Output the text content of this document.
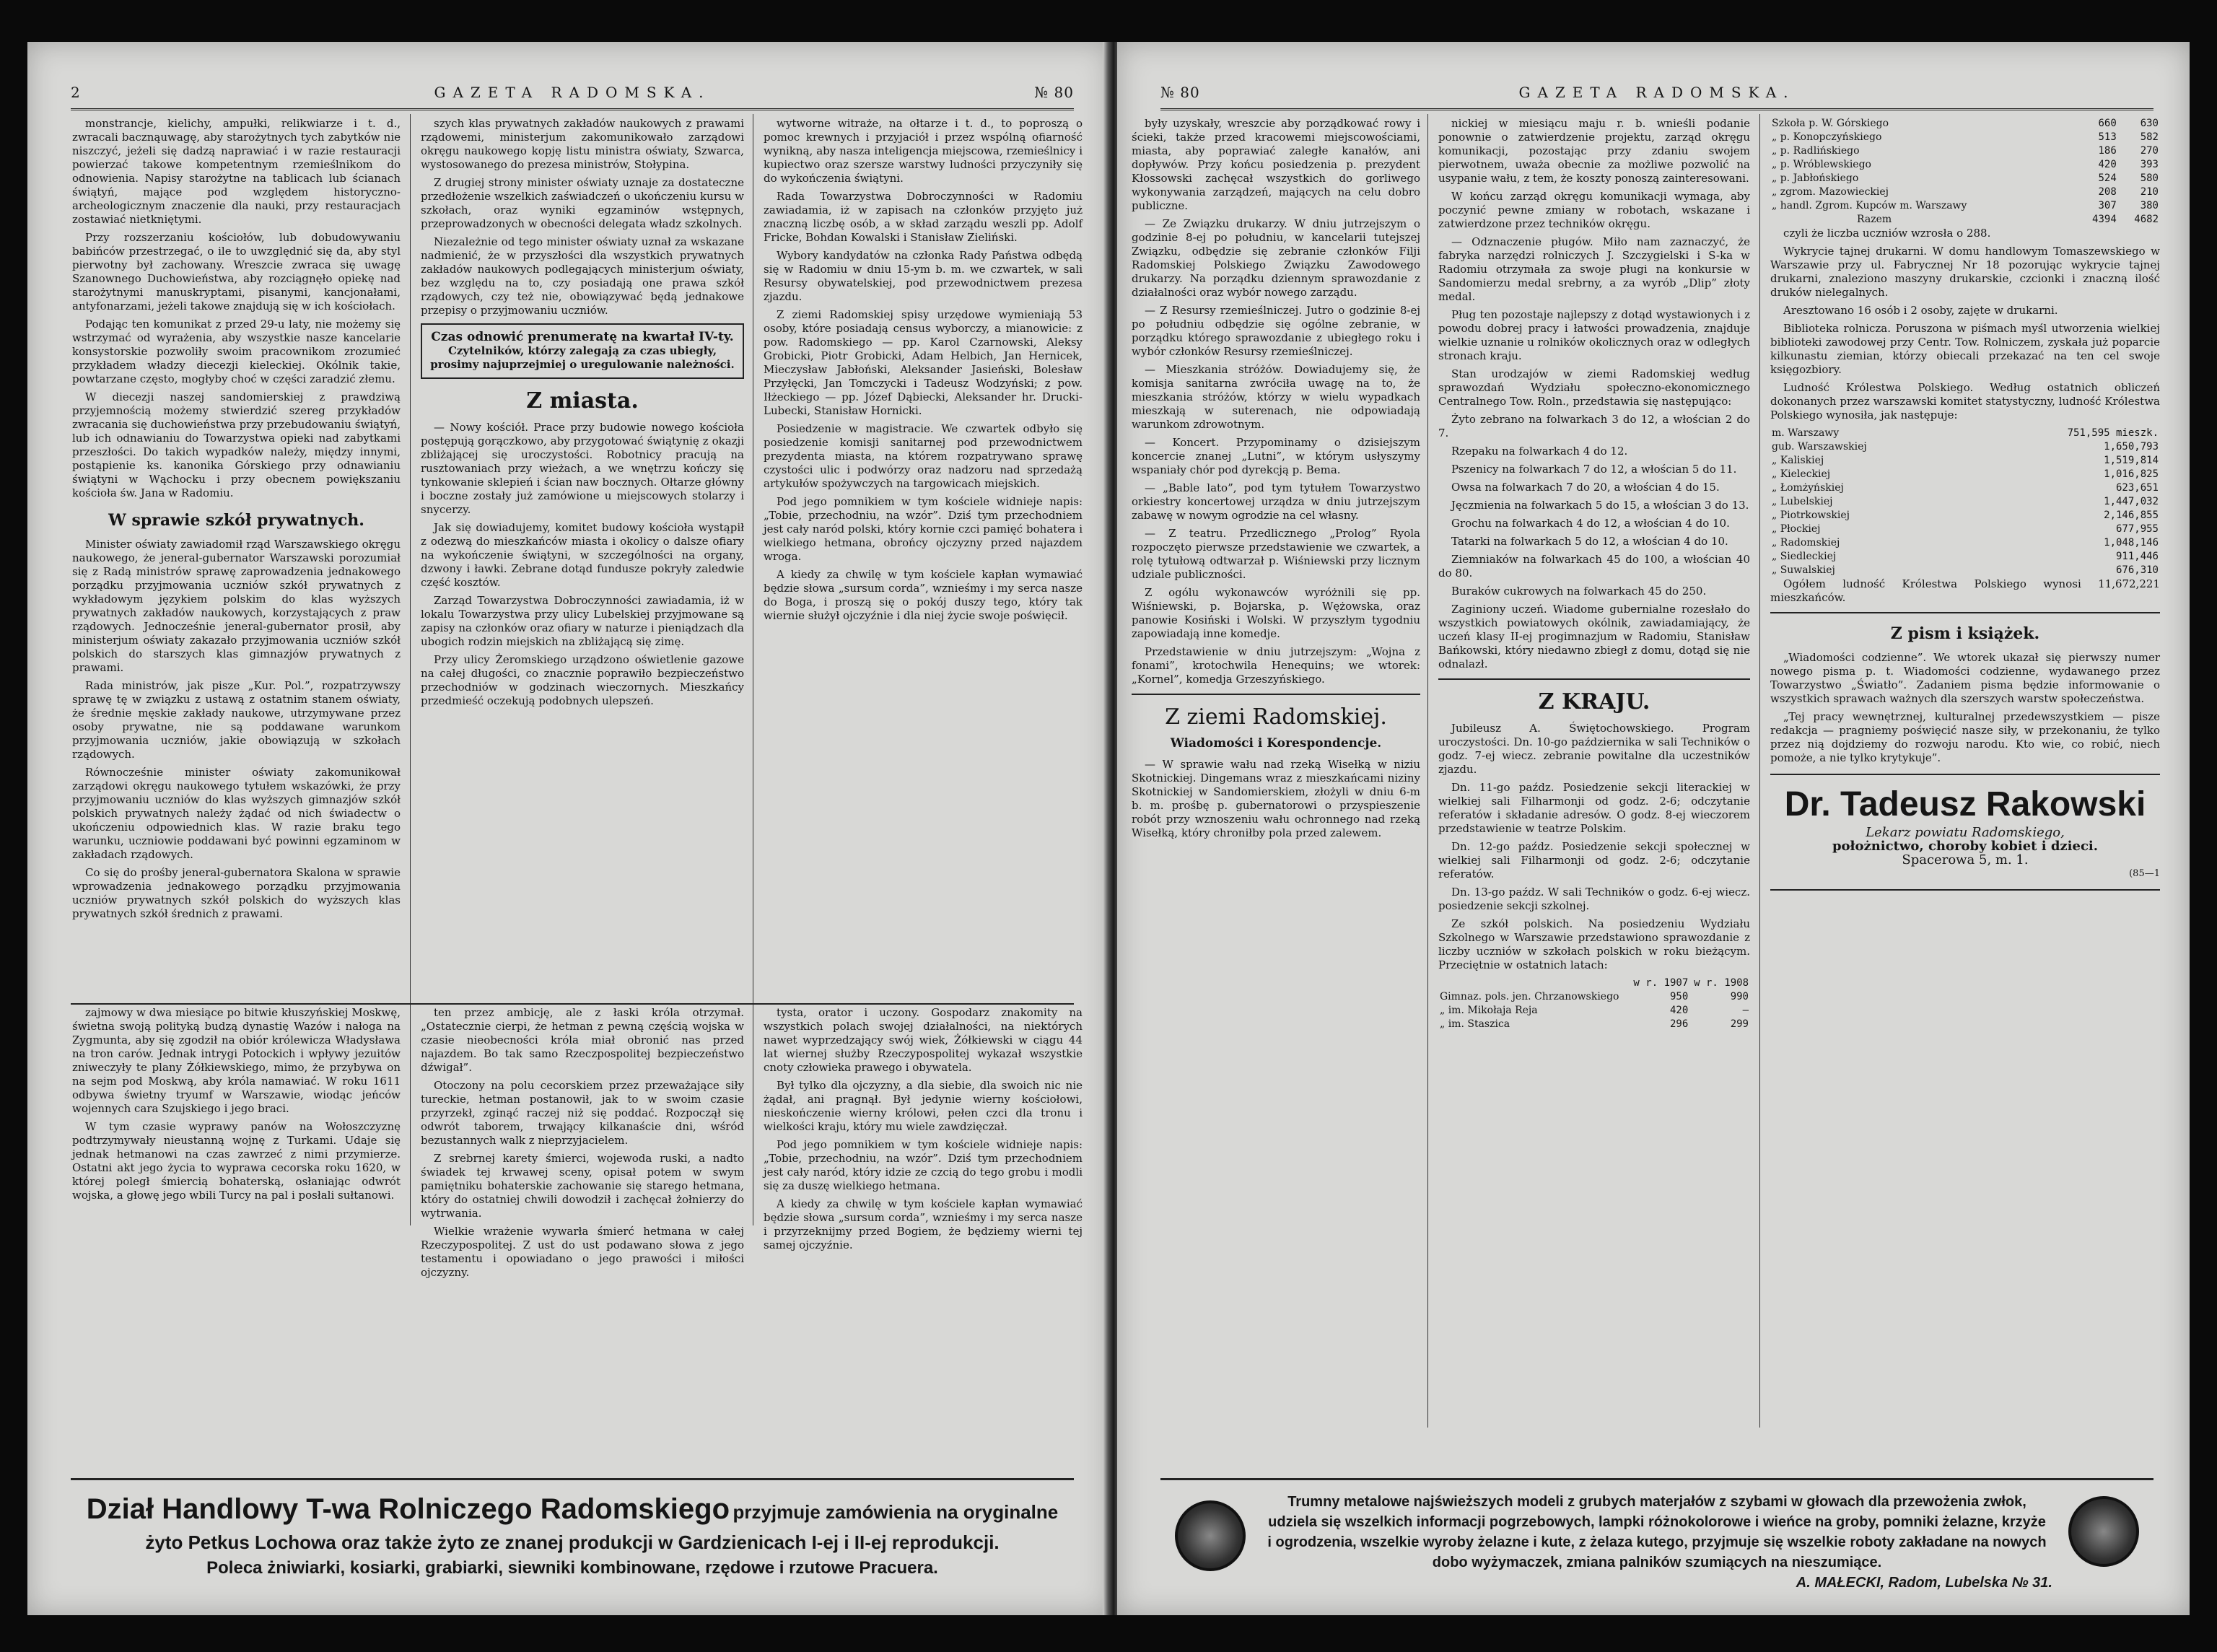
2	GAZETA RADOMSKA.	№ 80

monstrancje, kielichy, ampułki, relikwiarze i t. d., zwracali bacznąuwagę, aby starożytnych tych zabytków nie niszczyć, jeżeli się dadzą naprawiać i w razie restauracji powierzać takowe kompetentnym rzemieślnikom do odnowienia. Napisy starożytne na tablicach lub ścianach świątyń, mające pod względem historyczno-archeologicznym znaczenie dla nauki, przy restauracjach zostawiać nietkniętymi.

Przy rozszerzaniu kościołów, lub dobudowywaniu babińców przestrzegać, o ile to uwzględnić się da, aby styl pierwotny był zachowany. Wreszcie zwraca się uwagę Szanownego Duchowieństwa, aby rozciągnęło opiekę nad starożytnymi manuskryptami, pisanymi, kancjonałami, antyfonarzami, jeżeli takowe znajdują się w ich kościołach.

Podając ten komunikat z przed 29-u laty, nie możemy się wstrzymać od wyrażenia, aby wszystkie nasze kancelarie konsystorskie pozwoliły swoim pracownikom zrozumieć przykładem władzy diecezji kieleckiej. Okólnik takie, powtarzane często, mogłyby choć w części zaradzić złemu.

W diecezji naszej sandomierskiej z prawdziwą przyjemnością możemy stwierdzić szereg przykładów zwracania się duchowieństwa przy przebudowaniu świątyń, lub ich odnawianiu do Towarzystwa opieki nad zabytkami przeszłości. Do takich wypadków należy, między innymi, postąpienie ks. kanonika Górskiego przy odnawianiu świątyni w Wąchocku i przy obecnem powiększaniu kościoła św. Jana w Radomiu.

W sprawie szkół prywatnych.

Minister oświaty zawiadomił rząd Warszawskiego okręgu naukowego, że jeneral-gubernator Warszawski porozumiał się z Radą ministrów sprawę zaprowadzenia jednakowego porządku przyjmowania uczniów szkół prywatnych z wykładowym językiem polskim do klas wyższych prywatnych zakładów naukowych, korzystających z praw rządowych. Jednocześnie jeneral-gubernator prosił, aby ministerjum oświaty zakazało przyjmowania uczniów szkół polskich do starszych klas gimnazjów prywatnych z prawami.

Rada ministrów, jak pisze „Kur. Pol.”, rozpatrzywszy sprawę tę w związku z ustawą z ostatnim stanem oświaty, że średnie męskie zakłady naukowe, utrzymywane przez osoby prywatne, nie są poddawane warunkom przyjmowania uczniów, jakie obowiązują w szkołach rządowych.

Równocześnie minister oświaty zakomunikował zarządowi okręgu naukowego tytułem wskazówki, że przy przyjmowaniu uczniów do klas wyższych gimnazjów szkół polskich prywatnych należy żądać od nich świadectw o ukończeniu odpowiednich klas. W razie braku tego warunku, uczniowie poddawani być powinni egzaminom w zakładach rządowych.

Co się do prośby jeneral-gubernatora Skalona w sprawie wprowadzenia jednakowego porządku przyjmowania uczniów prywatnych szkół polskich do wyższych klas prywatnych szkół średnich z prawami.

szych klas prywatnych zakładów naukowych z prawami rządowemi, ministerjum zakomunikowało zarządowi okręgu naukowego kopję listu ministra oświaty, Szwarca, wystosowanego do prezesa ministrów, Stołypina.

Z drugiej strony minister oświaty uznaje za dostateczne przedłożenie wszelkich zaświadczeń o ukończeniu kursu w szkołach, oraz wyniki egzaminów wstępnych, przeprowadzonych w obecności delegata władz szkolnych.

Niezależnie od tego minister oświaty uznał za wskazane nadmienić, że w przyszłości dla wszystkich prywatnych zakładów naukowych podlegających ministerjum oświaty, bez względu na to, czy posiadają one prawa szkół rządowych, czy też nie, obowiązywać będą jednakowe przepisy o przyjmowaniu uczniów.

Czas odnowić prenumeratę na kwartał IV-ty.
Czytelników, którzy zalegają za czas ubiegły, prosimy najuprzejmiej o uregulowanie należności.
Z miasta.

— Nowy kościół. Prace przy budowie nowego kościoła postępują gorączkowo, aby przygotować świątynię z okazji zbliżającej się uroczystości. Robotnicy pracują na rusztowaniach przy wieżach, a we wnętrzu kończy się tynkowanie sklepień i ścian naw bocznych. Ołtarze główny i boczne zostały już zamówione u miejscowych stolarzy i snycerzy.

Jak się dowiadujemy, komitet budowy kościoła wystąpił z odezwą do mieszkańców miasta i okolicy o dalsze ofiary na wykończenie świątyni, w szczególności na organy, dzwony i ławki. Zebrane dotąd fundusze pokryły zaledwie część kosztów.

Zarząd Towarzystwa Dobroczynności zawiadamia, iż w lokalu Towarzystwa przy ulicy Lubelskiej przyjmowane są zapisy na członków oraz ofiary w naturze i pieniądzach dla ubogich rodzin miejskich na zbliżającą się zimę.

Przy ulicy Żeromskiego urządzono oświetlenie gazowe na całej długości, co znacznie poprawiło bezpieczeństwo przechodniów w godzinach wieczornych. Mieszkańcy przedmieść oczekują podobnych ulepszeń.

wytworne witraże, na ołtarze i t. d., to poproszą o pomoc krewnych i przyjaciół i przez wspólną ofiarność wynikną, aby nasza inteligencja miejscowa, rzemieślnicy i kupiectwo oraz szersze warstwy ludności przyczyniły się do wykończenia świątyni.

Rada Towarzystwa Dobroczynności w Radomiu zawiadamia, iż w zapisach na członków przyjęto już znaczną liczbę osób, a w skład zarządu weszli pp. Adolf Fricke, Bohdan Kowalski i Stanisław Zieliński.

Wybory kandydatów na członka Rady Państwa odbędą się w Radomiu w dniu 15-ym b. m. we czwartek, w sali Resursy obywatelskiej, pod przewodnictwem prezesa zjazdu.

Z ziemi Radomskiej spisy urzędowe wymieniają 53 osoby, które posiadają census wyborczy, a mianowicie: z pow. Radomskiego — pp. Karol Czarnowski, Aleksy Grobicki, Piotr Grobicki, Adam Helbich, Jan Hernicek, Mieczysław Jabłoński, Aleksander Jasieński, Bolesław Przyłęcki, Jan Tomczycki i Tadeusz Wodzyński; z pow. Iłżeckiego — pp. Józef Dąbiecki, Aleksander hr. Drucki-Lubecki, Stanisław Hornicki.

Posiedzenie w magistracie. We czwartek odbyło się posiedzenie komisji sanitarnej pod przewodnictwem prezydenta miasta, na którem rozpatrywano sprawę czystości ulic i podwórzy oraz nadzoru nad sprzedażą artykułów spożywczych na targowicach miejskich.

Pod jego pomnikiem w tym kościele widnieje napis: „Tobie, przechodniu, na wzór”. Dziś tym przechodniem jest cały naród polski, który kornie czci pamięć bohatera i wielkiego hetmana, obrońcy ojczyzny przed najazdem wroga.

A kiedy za chwilę w tym kościele kapłan wymawiać będzie słowa „sursum corda”, wznieśmy i my serca nasze do Boga, i proszą się o pokój duszy tego, który tak wiernie służył ojczyźnie i dla niej życie swoje poświęcił.

zajmowy w dwa miesiące po bitwie kłuszyńskiej Moskwę, świetna swoją polityką budzą dynastię Wazów i nałoga na Zygmunta, aby się zgodził na obiór królewicza Władysława na tron carów. Jednak intrygi Potockich i wpływy jezuitów zniweczyły te plany Żółkiewskiego, mimo, że przybywa on na sejm pod Moskwą, aby króla namawiać. W roku 1611 odbywa świetny tryumf w Warszawie, wiodąc jeńców wojennych cara Szujskiego i jego braci.

W tym czasie wyprawy panów na Wołoszczyznę podtrzymywały nieustanną wojnę z Turkami. Udaje się jednak hetmanowi na czas zawrzeć z nimi przymierze. Ostatni akt jego życia to wyprawa cecorska roku 1620, w której poległ śmiercią bohaterską, osłaniając odwrót wojska, a głowę jego wbili Turcy na pal i posłali sułtanowi.

ten przez ambicję, ale z łaski króla otrzymał. „Ostatecznie cierpi, że hetman z pewną częścią wojska w czasie nieobecności króla miał obronić nas przed najazdem. Bo tak samo Rzeczpospolitej bezpieczeństwo dźwigał”.

Otoczony na polu cecorskiem przez przeważające siły tureckie, hetman postanowił, jak to w swoim czasie przyrzekł, zginąć raczej niż się poddać. Rozpoczął się odwrót taborem, trwający kilkanaście dni, wśród bezustannych walk z nieprzyjacielem.

Z srebrnej karety śmierci, wojewoda ruski, a nadto świadek tej krwawej sceny, opisał potem w swym pamiętniku bohaterskie zachowanie się starego hetmana, który do ostatniej chwili dowodził i zachęcał żołnierzy do wytrwania.

Wielkie wrażenie wywarła śmierć hetmana w całej Rzeczypospolitej. Z ust do ust podawano słowa z jego testamentu i opowiadano o jego prawości i miłości ojczyzny.

tysta, orator i uczony. Gospodarz znakomity na wszystkich polach swojej działalności, na niektórych nawet wyprzedzający swój wiek, Żółkiewski w ciągu 44 lat wiernej służby Rzeczypospolitej wykazał wszystkie cnoty człowieka prawego i obywatela.

Był tylko dla ojczyzny, a dla siebie, dla swoich nic nie żądał, ani pragnął. Był jedynie wierny kościołowi, nieskończenie wierny królowi, pełen czci dla tronu i wielkości kraju, który mu wiele zawdzięczał.

Pod jego pomnikiem w tym kościele widnieje napis: „Tobie, przechodniu, na wzór”. Dziś tym przechodniem jest cały naród, który idzie ze czcią do tego grobu i modli się za duszę wielkiego hetmana.

A kiedy za chwilę w tym kościele kapłan wymawiać będzie słowa „sursum corda”, wznieśmy i my serca nasze i przyrzeknijmy przed Bogiem, że będziemy wierni tej samej ojczyźnie.

Dział Handlowy T-wa Rolniczego Radomskiego przyjmuje zamówienia na oryginalne
żyto Petkus Lochowa oraz także żyto ze znanej produkcji w Gardzienicach I-ej i II-ej reprodukcji.
Poleca żniwiarki, kosiarki, grabiarki, siewniki kombinowane, rzędowe i rzutowe Pracuera.
№ 80	GAZETA RADOMSKA.

były uzyskały, wreszcie aby porządkować rowy i ścieki, także przed kracowemi miejscowościami, miasta, aby poprawiać zaległe kanałów, ani dopływów. Przy końcu posiedzenia p. prezydent Kłossowski zachęcał wszystkich do gorliwego wykonywania zarządzeń, mających na celu dobro publiczne.

— Ze Związku drukarzy. W dniu jutrzejszym o godzinie 8-ej po południu, w kancelarii tutejszej Związku, odbędzie się zebranie członków Filji Radomskiej Polskiego Związku Zawodowego drukarzy. Na porządku dziennym sprawozdanie z działalności oraz wybór nowego zarządu.

— Z Resursy rzemieślniczej. Jutro o godzinie 8-ej po południu odbędzie się ogólne zebranie, w porządku którego sprawozdanie z ubiegłego roku i wybór członków Resursy rzemieślniczej.

— Mieszkania stróżów. Dowiadujemy się, że komisja sanitarna zwróciła uwagę na to, że mieszkania stróżów, którzy w wielu wypadkach mieszkają w suterenach, nie odpowiadają warunkom zdrowotnym.

— Koncert. Przypominamy o dzisiejszym koncercie znanej „Lutni”, w którym usłyszymy wspaniały chór pod dyrekcją p. Bema.

— „Bable lato”, pod tym tytułem Towarzystwo orkiestry koncertowej urządza w dniu jutrzejszym zabawę w nowym ogrodzie na cel własny.

— Z teatru. Przedlicznego „Prolog” Ryola rozpoczęto pierwsze przedstawienie we czwartek, a rolę tytułową odtwarzał p. Wiśniewski przy licznym udziale publiczności.

Z ogólu wykonawców wyróżnili się pp. Wiśniewski, p. Bojarska, p. Wężowska, oraz panowie Kosiński i Wolski. W przyszłym tygodniu zapowiadają inne komedje.

Przedstawienie w dniu jutrzejszym: „Wojna z fonami”, krotochwila Henequins; we wtorek: „Kornel”, komedja Grzeszyńskiego.

Z ziemi Radomskiej.
Wiadomości i Korespondencje.

— W sprawie wału nad rzeką Wisełką w niziu Skotnickiej. Dingemans wraz z mieszkańcami niziny Skotnickiej w Sandomierskiem, złożyli w dniu 6-m b. m. prośbę p. gubernatorowi o przyspieszenie robót przy wznoszeniu wału ochronnego nad rzeką Wisełką, który chroniłby pola przed zalewem.

nickiej w miesiącu maju r. b. wnieśli podanie ponownie o zatwierdzenie projektu, zarząd okręgu komunikacji, pozostając przy zdaniu swojem pierwotnem, uważa obecnie za możliwe pozwolić na usypanie wału, z tem, że koszty ponoszą zainteresowani.

W końcu zarząd okręgu komunikacji wymaga, aby poczynić pewne zmiany w robotach, wskazane i zatwierdzone przez techników okręgu.

— Odznaczenie pługów. Miło nam zaznaczyć, że fabryka narzędzi rolniczych J. Szczygielski i S-ka w Radomiu otrzymała za swoje pługi na konkursie w Sandomierzu medal srebrny, a za wyrób „Dlip” złoty medal.

Pług ten pozostaje najlepszy z dotąd wystawionych i z powodu dobrej pracy i łatwości prowadzenia, znajduje wielkie uznanie u rolników okolicznych oraz w odległych stronach kraju.

Stan urodzajów w ziemi Radomskiej według sprawozdań Wydziału społeczno-ekonomicznego Centralnego Tow. Roln., przedstawia się następująco:

Żyto zebrano na folwarkach 3 do 12, a włościan 2 do 7.

Rzepaku na folwarkach 4 do 12.

Pszenicy na folwarkach 7 do 12, a włościan 5 do 11.

Owsa na folwarkach 7 do 20, a włościan 4 do 15.

Jęczmienia na folwarkach 5 do 15, a włościan 3 do 13.

Grochu na folwarkach 4 do 12, a włościan 4 do 10.

Tatarki na folwarkach 5 do 12, a włościan 4 do 10.

Ziemniaków na folwarkach 45 do 100, a włościan 40 do 80.

Buraków cukrowych na folwarkach 45 do 250.

Zaginiony uczeń. Wiadome gubernialne rozesłało do wszystkich powiatowych okólnik, zawiadamiający, że uczeń klasy II-ej progimnazjum w Radomiu, Stanisław Bańkowski, który niedawno zbiegł z domu, dotąd się nie odnalazł.

Z KRAJU.

Jubileusz A. Świętochowskiego. Program uroczystości. Dn. 10-go października w sali Techników o godz. 7-ej wiecz. zebranie powitalne dla uczestników zjazdu.

Dn. 11-go paźdz. Posiedzenie sekcji literackiej w wielkiej sali Filharmonji od godz. 2-6; odczytanie referatów i składanie adresów. O godz. 8-ej wieczorem przedstawienie w teatrze Polskim.

Dn. 12-go paźdz. Posiedzenie sekcji społecznej w wielkiej sali Filharmonji od godz. 2-6; odczytanie referatów.

Dn. 13-go paźdz. W sali Techników o godz. 6-ej wiecz. posiedzenie sekcji szkolnej.

Ze szkół polskich. Na posiedzeniu Wydziału Szkolnego w Warszawie przedstawiono sprawozdanie z liczby uczniów w szkołach polskich w roku bieżącym. Przeciętnie w ostatnich latach:

	w r. 1907	w r. 1908
Gimnaz. pols. jen. Chrzanowskiego	950	990
„ im. Mikołaja Reja	420	—
„ im. Staszica	296	299
Szkoła p. W. Górskiego	660	630
„ p. Konopczyńskiego	513	582
„ p. Radlińskiego	186	270
„ p. Wróblewskiego	420	393
„ p. Jabłońskiego	524	580
„ zgrom. Mazowieckiej	208	210
„ handl. Zgrom. Kupców m. Warszawy	307	380
Razem	4394	4682

czyli że liczba uczniów wzrosła o 288.

Wykrycie tajnej drukarni. W domu handlowym Tomaszewskiego w Warszawie przy ul. Fabrycznej Nr 18 pozorując wykrycie tajnej drukarni, znaleziono maszyny drukarskie, czcionki i znaczną ilość druków nielegalnych.

Aresztowano 16 osób i 2 osoby, zajęte w drukarni.

Biblioteka rolnicza. Poruszona w piśmach myśl utworzenia wielkiej biblioteki zawodowej przy Centr. Tow. Rolniczem, zyskała już poparcie kilkunastu ziemian, którzy obiecali przekazać na ten cel swoje księgozbiory.

Ludność Królestwa Polskiego. Według ostatnich obliczeń dokonanych przez warszawski komitet statystyczny, ludność Królestwa Polskiego wynosiła, jak następuje:

m. Warszawy	751,595 mieszk.
gub. Warszawskiej	1,650,793
„ Kaliskiej	1,519,814
„ Kieleckiej	1,016,825
„ Łomżyńskiej	623,651
„ Lubelskiej	1,447,032
„ Piotrkowskiej	2,146,855
„ Płockiej	677,955
„ Radomskiej	1,048,146
„ Siedleckiej	911,446
„ Suwalskiej	676,310

Ogółem ludność Królestwa Polskiego wynosi 11,672,221 mieszkańców.

Z pism i książek.

„Wiadomości codzienne”. We wtorek ukazał się pierwszy numer nowego pisma p. t. Wiadomości codzienne, wydawanego przez Towarzystwo „Światło”. Zadaniem pisma będzie informowanie o wszystkich sprawach ważnych dla szerszych warstw społeczeństwa.

„Tej pracy wewnętrznej, kulturalnej przedewszystkiem — pisze redakcja — pragniemy poświęcić nasze siły, w przekonaniu, że tylko przez nią dojdziemy do rozwoju narodu. Kto wie, co robić, niech pomoże, a nie tylko krytykuje”.

Dr. Tadeusz Rakowski
Lekarz powiatu Radomskiego,
położnictwo, choroby kobiet i dzieci.
Spacerowa 5, m. 1.
(85—1
Trumny metalowe najświeższych modeli z grubych materjałów z szybami w głowach dla przewożenia zwłok,
udziela się wszelkich informacji pogrzebowych, lampki różnokolorowe i wieńce na groby, pomniki żelazne, krzyże
i ogrodzenia, wszelkie wyroby żelazne i kute, z żelaza kutego, przyjmuje się wszelkie roboty zakładane na nowych
dobo wyżymaczek, zmiana palników szumiących na nieszumiące.
A. MAŁECKI, Radom, Lubelska № 31.
